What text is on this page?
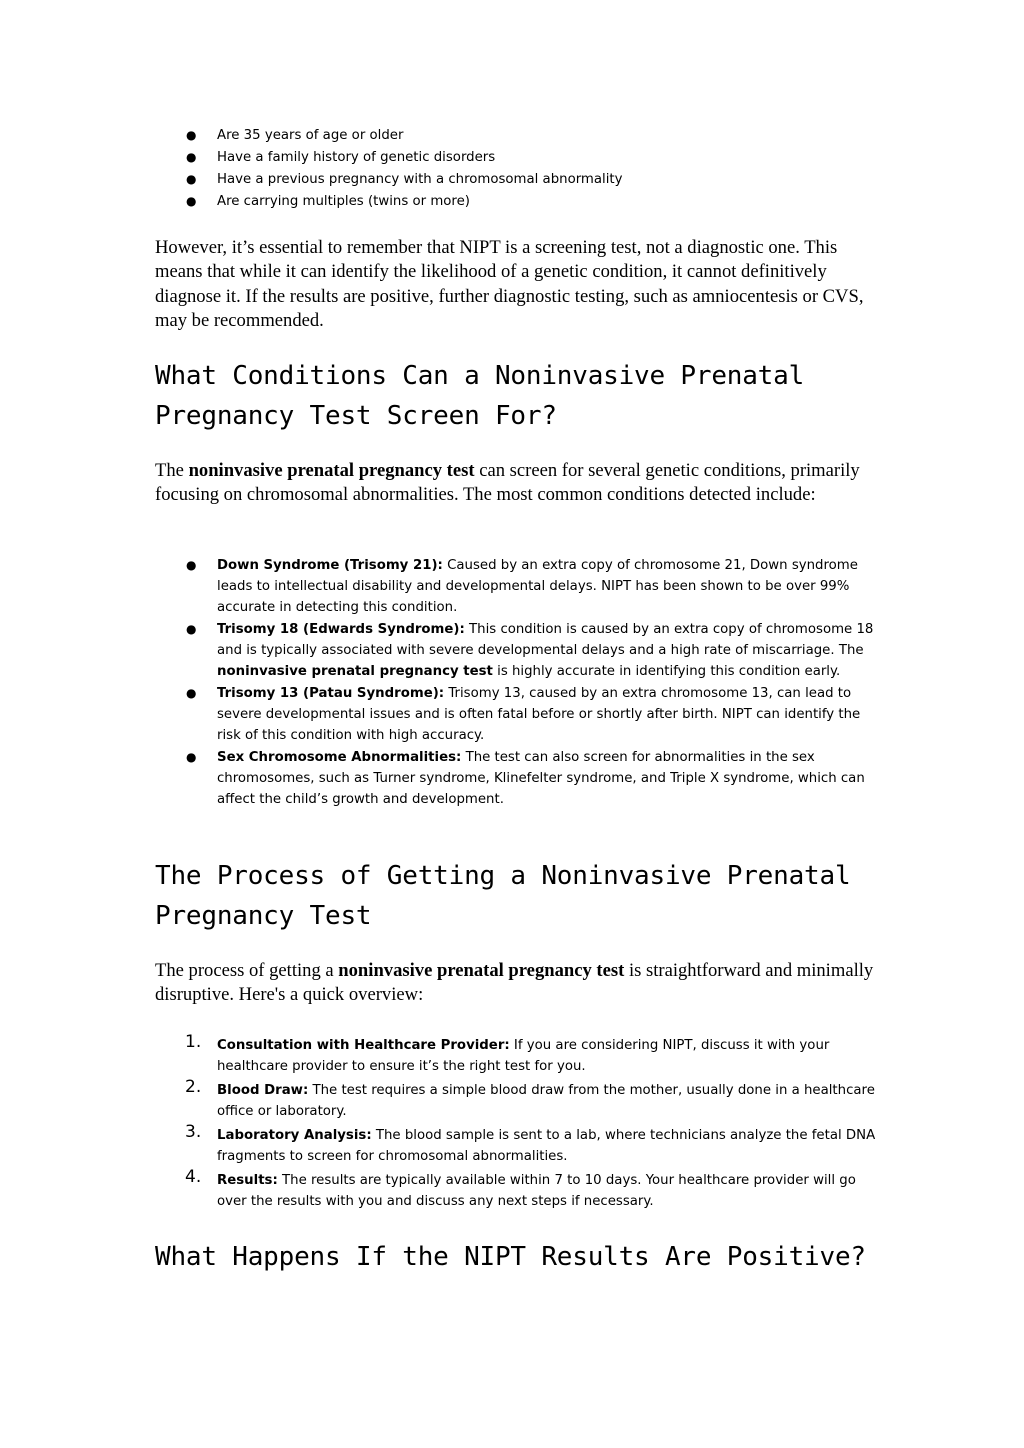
● Are 35 years of age or older
● Have a family history of genetic disorders
● Have a previous pregnancy with a chromosomal abnormality
● Are carrying multiples (twins or more)

However, it’s essential to remember that NIPT is a screening test, not a diagnostic one. This means that while it can identify the likelihood of a genetic condition, it cannot definitively diagnose it. If the results are positive, further diagnostic testing, such as amniocentesis or CVS, may be recommended.

What Conditions Can a Noninvasive Prenatal Pregnancy Test Screen For?

The noninvasive prenatal pregnancy test can screen for several genetic conditions, primarily focusing on chromosomal abnormalities. The most common conditions detected include:

● Down Syndrome (Trisomy 21): Caused by an extra copy of chromosome 21, Down syndrome leads to intellectual disability and developmental delays. NIPT has been shown to be over 99% accurate in detecting this condition.
● Trisomy 18 (Edwards Syndrome): This condition is caused by an extra copy of chromosome 18 and is typically associated with severe developmental delays and a high rate of miscarriage. The noninvasive prenatal pregnancy test is highly accurate in identifying this condition early.
● Trisomy 13 (Patau Syndrome): Trisomy 13, caused by an extra chromosome 13, can lead to severe developmental issues and is often fatal before or shortly after birth. NIPT can identify the risk of this condition with high accuracy.
● Sex Chromosome Abnormalities: The test can also screen for abnormalities in the sex chromosomes, such as Turner syndrome, Klinefelter syndrome, and Triple X syndrome, which can affect the child’s growth and development.
The Process of Getting a Noninvasive Prenatal Pregnancy Test

The process of getting a noninvasive prenatal pregnancy test is straightforward and minimally disruptive. Here's a quick overview:

1. Consultation with Healthcare Provider: If you are considering NIPT, discuss it with your healthcare provider to ensure it’s the right test for you.
2. Blood Draw: The test requires a simple blood draw from the mother, usually done in a healthcare office or laboratory.
3. Laboratory Analysis: The blood sample is sent to a lab, where technicians analyze the fetal DNA fragments to screen for chromosomal abnormalities.
4. Results: The results are typically available within 7 to 10 days. Your healthcare provider will go over the results with you and discuss any next steps if necessary.
What Happens If the NIPT Results Are Positive?
